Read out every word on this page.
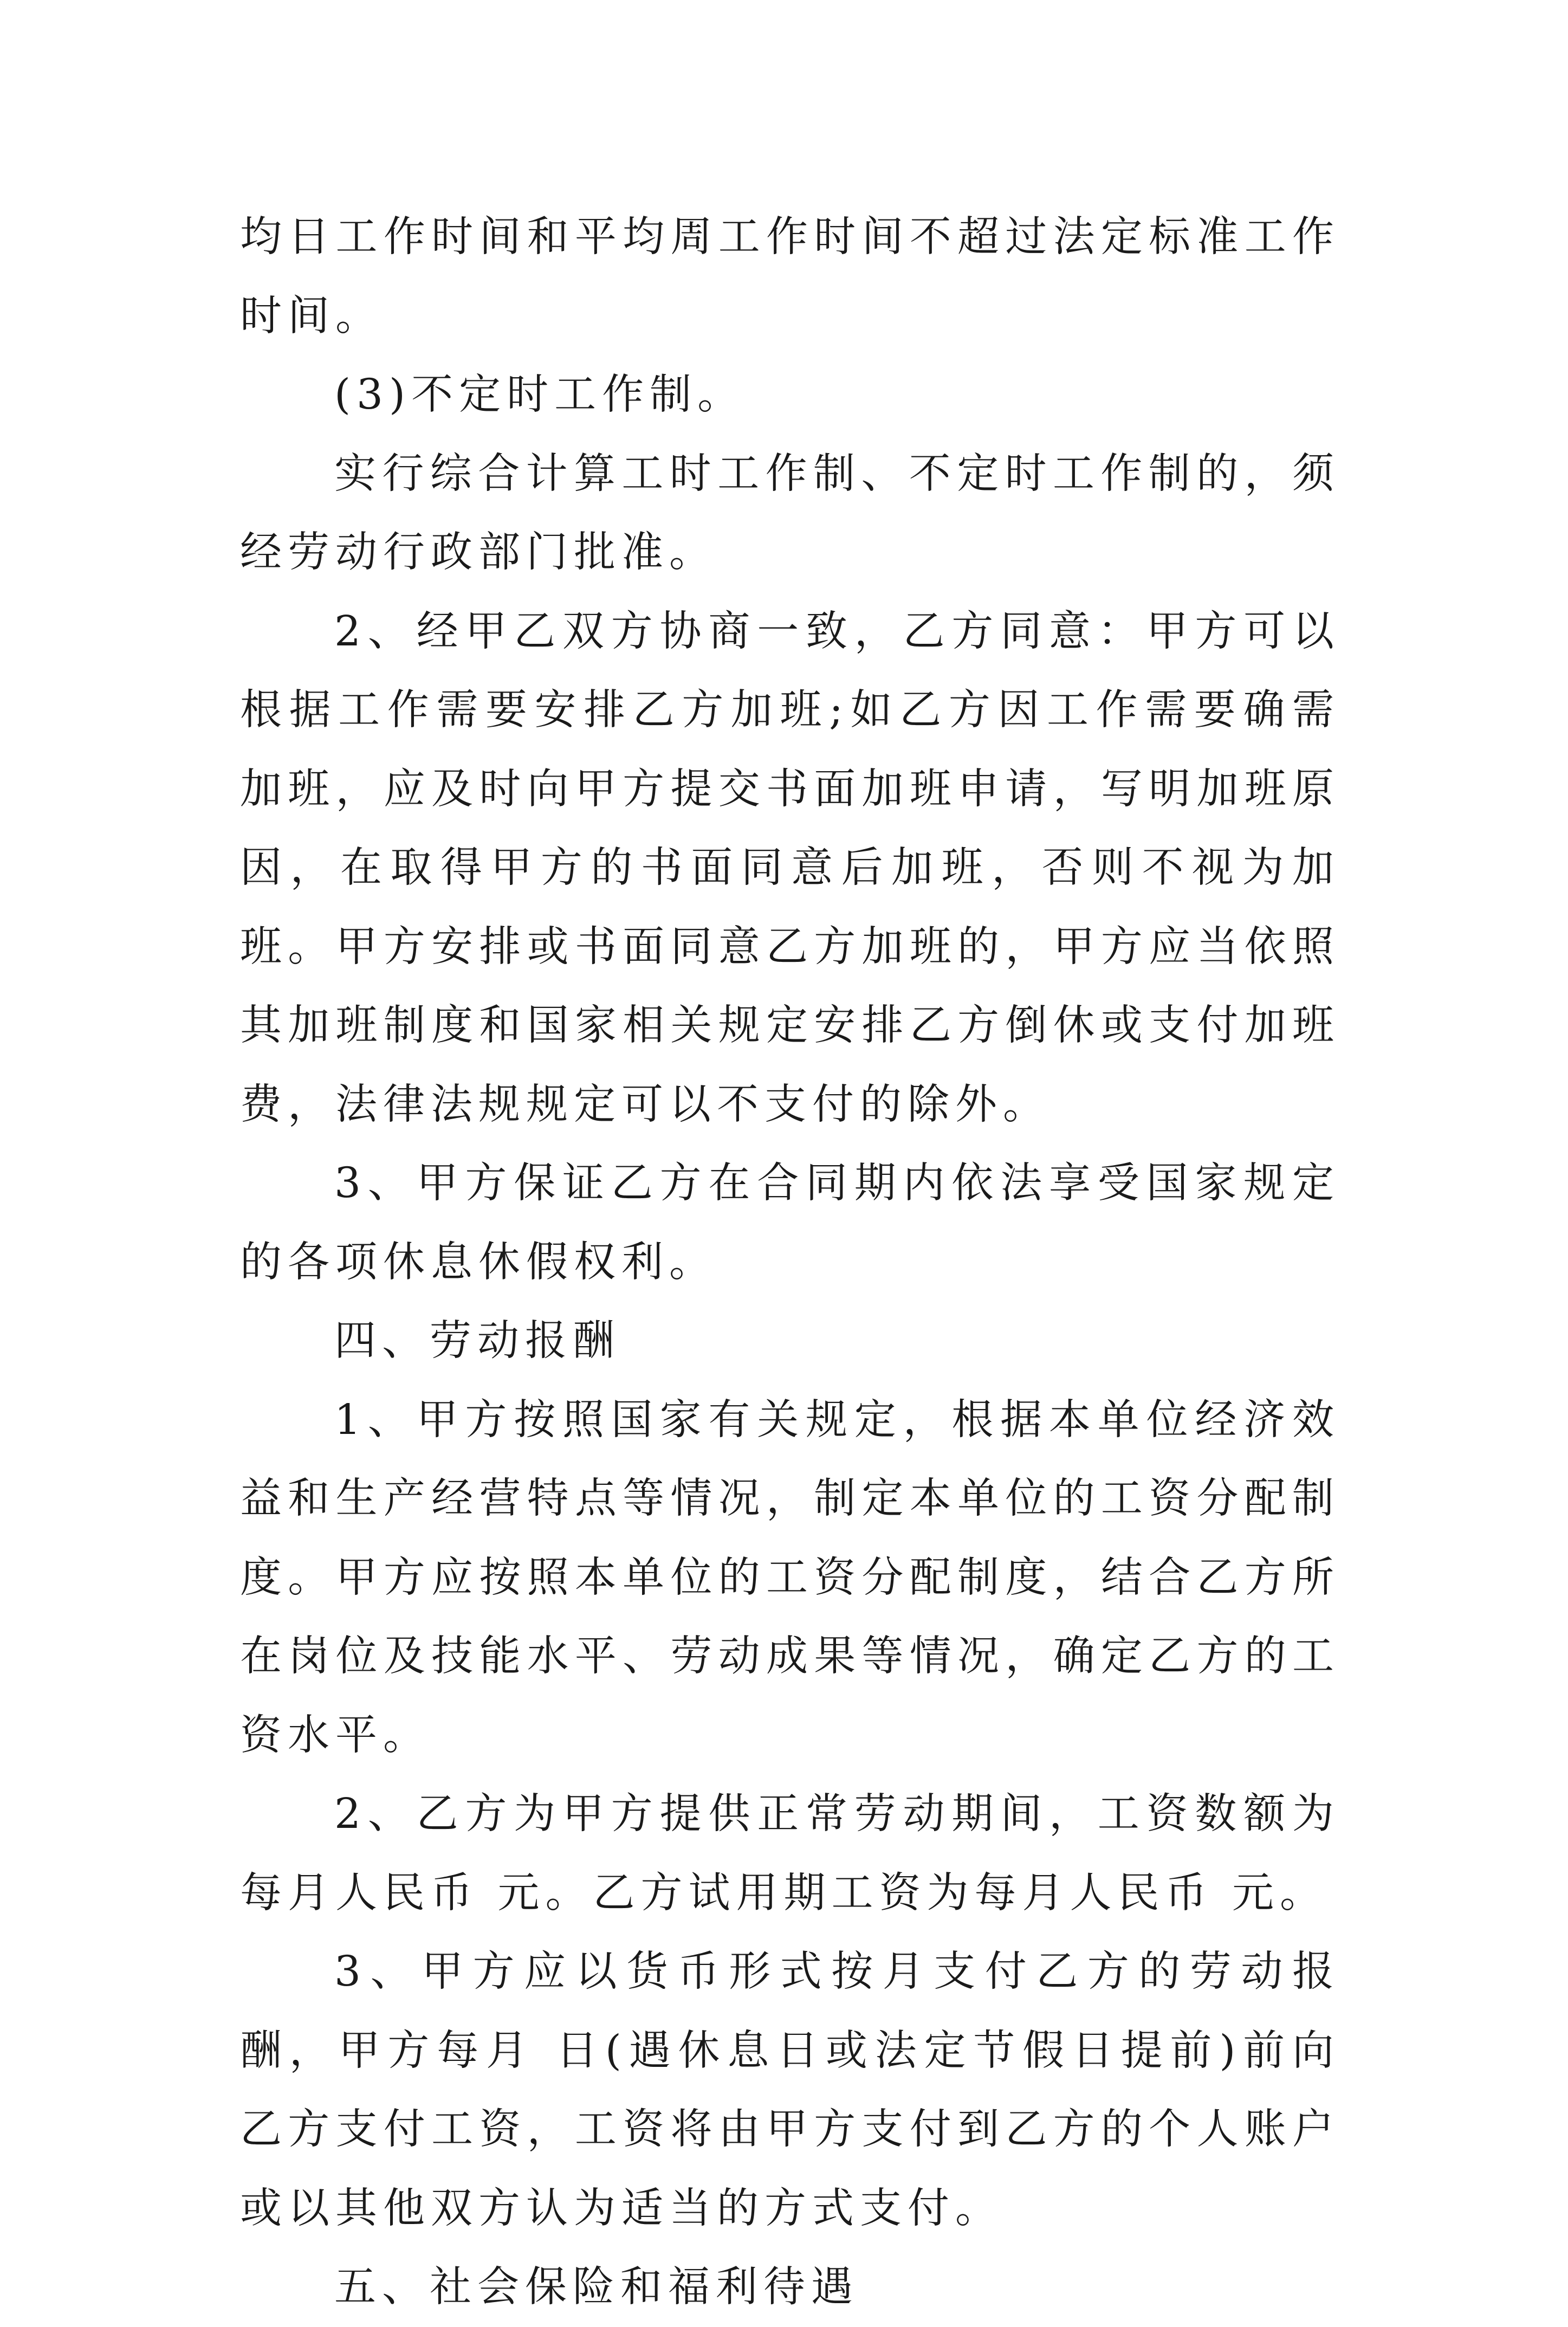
均日工作时间和平均周工作时间不超过法定标准工作时间。

(3)不定时工作制。

实行综合计算工时工作制、不定时工作制的，须经劳动行政部门批准。

2、经甲乙双方协商一致，乙方同意：甲方可以根据工作需要安排乙方加班;如乙方因工作需要确需加班，应及时向甲方提交书面加班申请，写明加班原因，在取得甲方的书面同意后加班，否则不视为加班。甲方安排或书面同意乙方加班的，甲方应当依照其加班制度和国家相关规定安排乙方倒休或支付加班费，法律法规规定可以不支付的除外。

3、甲方保证乙方在合同期内依法享受国家规定的各项休息休假权利。

四、劳动报酬

1、甲方按照国家有关规定，根据本单位经济效益和生产经营特点等情况，制定本单位的工资分配制度。甲方应按照本单位的工资分配制度，结合乙方所在岗位及技能水平、劳动成果等情况，确定乙方的工资水平。

2、乙方为甲方提供正常劳动期间，工资数额为每月人民币 元。乙方试用期工资为每月人民币 元。

3、甲方应以货币形式按月支付乙方的劳动报酬，甲方每月 日(遇休息日或法定节假日提前)前向乙方支付工资，工资将由甲方支付到乙方的个人账户或以其他双方认为适当的方式支付。

五、社会保险和福利待遇
